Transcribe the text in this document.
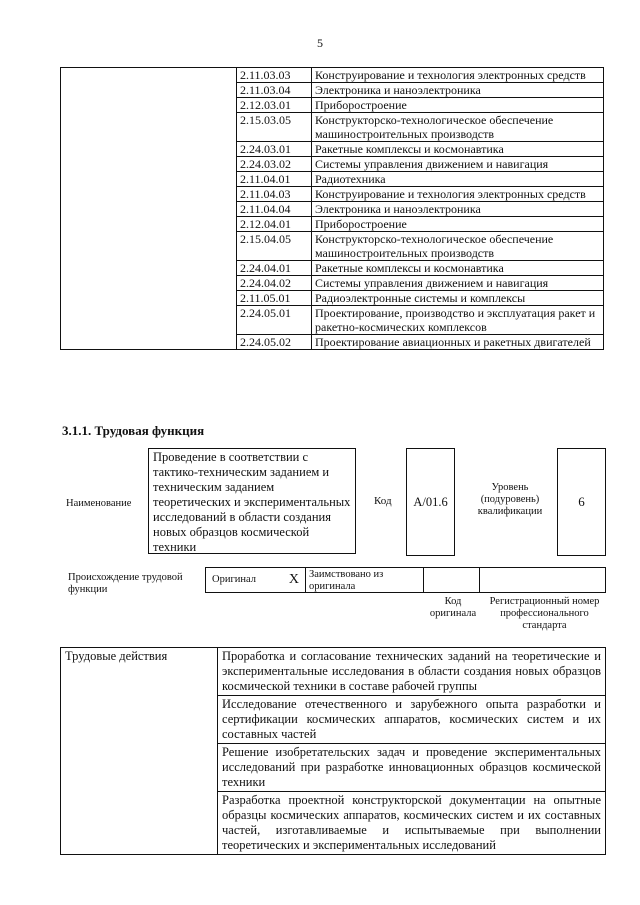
5
	2.11.03.03	Конструирование и технология электронных средств
	2.11.03.04	Электроника и наноэлектроника
	2.12.03.01	Приборостроение
	2.15.03.05	Конструкторско-технологическое обеспечение машиностроительных производств
	2.24.03.01	Ракетные комплексы и космонавтика
	2.24.03.02	Системы управления движением и навигация
	2.11.04.01	Радиотехника
	2.11.04.03	Конструирование и технология электронных средств
	2.11.04.04	Электроника и наноэлектроника
	2.12.04.01	Приборостроение
	2.15.04.05	Конструкторско-технологическое обеспечение машиностроительных производств
	2.24.04.01	Ракетные комплексы и космонавтика
	2.24.04.02	Системы управления движением и навигация
	2.11.05.01	Радиоэлектронные системы и комплексы
	2.24.05.01	Проектирование, производство и эксплуатация ракет и ракетно-космических комплексов
	2.24.05.02	Проектирование авиационных и ракетных двигателей
3.1.1. Трудовая функция
Наименование
Проведение в соответствии с тактико-техническим заданием и техническим заданием теоретических и экспериментальных исследований в области создания новых образцов космической техники
Код А/01.6
Уровень (подуровень) квалификации
6
Происхождение трудовой функции
Оригинал X Заимствовано из оригинала
Код оригинала
Регистрационный номер профессионального стандарта
Трудовые действия	Проработка и согласование технических заданий на теоретические и экспериментальные исследования в области создания новых образцов космической техники в составе рабочей группы
Исследование отечественного и зарубежного опыта разработки и сертификации космических аппаратов, космических систем и их составных частей
Решение изобретательских задач и проведение экспериментальных исследований при разработке инновационных образцов космической техники
Разработка проектной конструкторской документации на опытные образцы космических аппаратов, космических систем и их составных частей, изготавливаемые и испытываемые при выполнении теоретических и экспериментальных исследований
